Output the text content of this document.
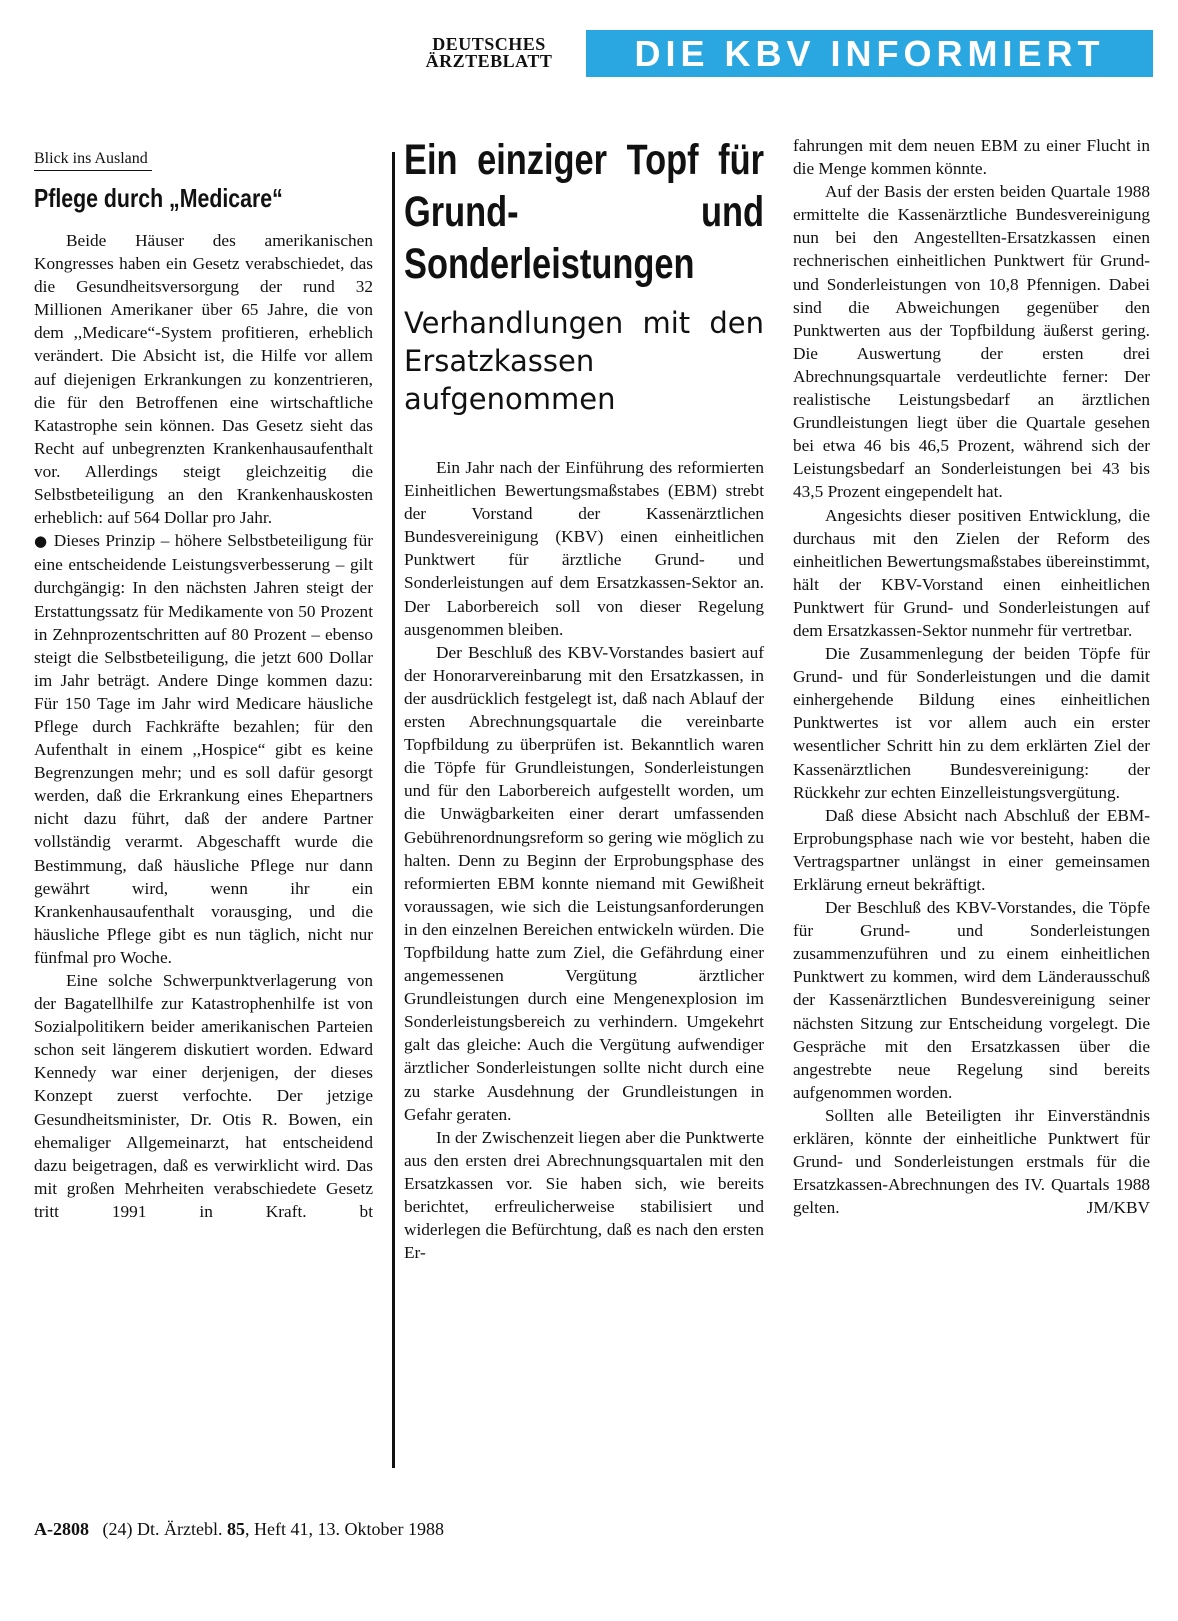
DEUTSCHES
ÄRZTEBLATT	DIE KBV INFORMIERT
Blick ins Ausland
Pflege durch „Medicare“

Beide Häuser des amerikanischen Kongresses haben ein Gesetz verabschiedet, das die Gesundheitsversorgung der rund 32 Millionen Amerikaner über 65 Jahre, die von dem ,,Medicare“-System profitieren, erheblich verändert. Die Absicht ist, die Hilfe vor allem auf diejenigen Erkrankungen zu konzentrieren, die für den Betroffenen eine wirtschaftliche Katastrophe sein können. Das Gesetz sieht das Recht auf unbegrenzten Krankenhausaufenthalt vor. Allerdings steigt gleichzeitig die Selbstbeteiligung an den Krankenhauskosten erheblich: auf 564 Dollar pro Jahr.

● Dieses Prinzip – höhere Selbstbeteiligung für eine entscheidende Leistungsverbesserung – gilt durchgängig: In den nächsten Jahren steigt der Erstattungssatz für Medikamente von 50 Prozent in Zehnprozentschritten auf 80 Prozent – ebenso steigt die Selbstbeteiligung, die jetzt 600 Dollar im Jahr beträgt. Andere Dinge kommen dazu: Für 150 Tage im Jahr wird Medicare häusliche Pflege durch Fachkräfte bezahlen; für den Aufenthalt in einem ,,Hospice“ gibt es keine Begrenzungen mehr; und es soll dafür gesorgt werden, daß die Erkrankung eines Ehepartners nicht dazu führt, daß der andere Partner vollständig verarmt. Abgeschafft wurde die Bestimmung, daß häusliche Pflege nur dann gewährt wird, wenn ihr ein Krankenhausaufenthalt vorausging, und die häusliche Pflege gibt es nun täglich, nicht nur fünfmal pro Woche.

Eine solche Schwerpunktverlagerung von der Bagatellhilfe zur Katastrophenhilfe ist von Sozialpolitikern beider amerikanischen Parteien schon seit längerem diskutiert worden. Edward Kennedy war einer derjenigen, der dieses Konzept zuerst verfochte. Der jetzige Gesundheitsminister, Dr. Otis R. Bowen, ein ehemaliger Allgemeinarzt, hat entscheidend dazu beigetragen, daß es verwirklicht wird. Das mit großen Mehrheiten verabschiedete Gesetz tritt 1991 in Kraft.	bt

Ein einziger Topf für Grund- und Sonderleistungen
Verhandlungen mit den Ersatzkassen aufgenommen

Ein Jahr nach der Einführung des reformierten Einheitlichen Bewertungsmaßstabes (EBM) strebt der Vorstand der Kassenärztlichen Bundesvereinigung (KBV) einen einheitlichen Punktwert für ärztliche Grund- und Sonderleistungen auf dem Ersatzkassen-Sektor an. Der Laborbereich soll von dieser Regelung ausgenommen bleiben.

Der Beschluß des KBV-Vorstandes basiert auf der Honorarvereinbarung mit den Ersatzkassen, in der ausdrücklich festgelegt ist, daß nach Ablauf der ersten Abrechnungsquartale die vereinbarte Topfbildung zu überprüfen ist. Bekanntlich waren die Töpfe für Grundleistungen, Sonderleistungen und für den Laborbereich aufgestellt worden, um die Unwägbarkeiten einer derart umfassenden Gebührenordnungsreform so gering wie möglich zu halten. Denn zu Beginn der Erprobungsphase des reformierten EBM konnte niemand mit Gewißheit voraussagen, wie sich die Leistungsanforderungen in den einzelnen Bereichen entwickeln würden. Die Topfbildung hatte zum Ziel, die Gefährdung einer angemessenen Vergütung ärztlicher Grundleistungen durch eine Mengenexplosion im Sonderleistungsbereich zu verhindern. Umgekehrt galt das gleiche: Auch die Vergütung aufwendiger ärztlicher Sonderleistungen sollte nicht durch eine zu starke Ausdehnung der Grundleistungen in Gefahr geraten.

In der Zwischenzeit liegen aber die Punktwerte aus den ersten drei Abrechnungsquartalen mit den Ersatzkassen vor. Sie haben sich, wie bereits berichtet, erfreulicherweise stabilisiert und widerlegen die Befürchtung, daß es nach den ersten Er-

fahrungen mit dem neuen EBM zu einer Flucht in die Menge kommen könnte.

Auf der Basis der ersten beiden Quartale 1988 ermittelte die Kassenärztliche Bundesvereinigung nun bei den Angestellten-Ersatzkassen einen rechnerischen einheitlichen Punktwert für Grund- und Sonderleistungen von 10,8 Pfennigen. Dabei sind die Abweichungen gegenüber den Punktwerten aus der Topfbildung äußerst gering. Die Auswertung der ersten drei Abrechnungsquartale verdeutlichte ferner: Der realistische Leistungsbedarf an ärztlichen Grundleistungen liegt über die Quartale gesehen bei etwa 46 bis 46,5 Prozent, während sich der Leistungsbedarf an Sonderleistungen bei 43 bis 43,5 Prozent eingependelt hat.

Angesichts dieser positiven Entwicklung, die durchaus mit den Zielen der Reform des einheitlichen Bewertungsmaßstabes übereinstimmt, hält der KBV-Vorstand einen einheitlichen Punktwert für Grund- und Sonderleistungen auf dem Ersatzkassen-Sektor nunmehr für vertretbar.

Die Zusammenlegung der beiden Töpfe für Grund- und für Sonderleistungen und die damit einhergehende Bildung eines einheitlichen Punktwertes ist vor allem auch ein erster wesentlicher Schritt hin zu dem erklärten Ziel der Kassenärztlichen Bundesvereinigung: der Rückkehr zur echten Einzelleistungsvergütung.

Daß diese Absicht nach Abschluß der EBM-Erprobungsphase nach wie vor besteht, haben die Vertragspartner unlängst in einer gemeinsamen Erklärung erneut bekräftigt.

Der Beschluß des KBV-Vorstandes, die Töpfe für Grund- und Sonderleistungen zusammenzuführen und zu einem einheitlichen Punktwert zu kommen, wird dem Länderausschuß der Kassenärztlichen Bundesvereinigung seiner nächsten Sitzung zur Entscheidung vorgelegt. Die Gespräche mit den Ersatzkassen über die angestrebte neue Regelung sind bereits aufgenommen worden.

Sollten alle Beteiligten ihr Einverständnis erklären, könnte der einheitliche Punktwert für Grund- und Sonderleistungen erstmals für die Ersatzkassen-Abrechnungen des IV. Quartals 1988 gelten.	JM/KBV

A-2808 (24) Dt. Ärztebl. 85, Heft 41, 13. Oktober 1988
